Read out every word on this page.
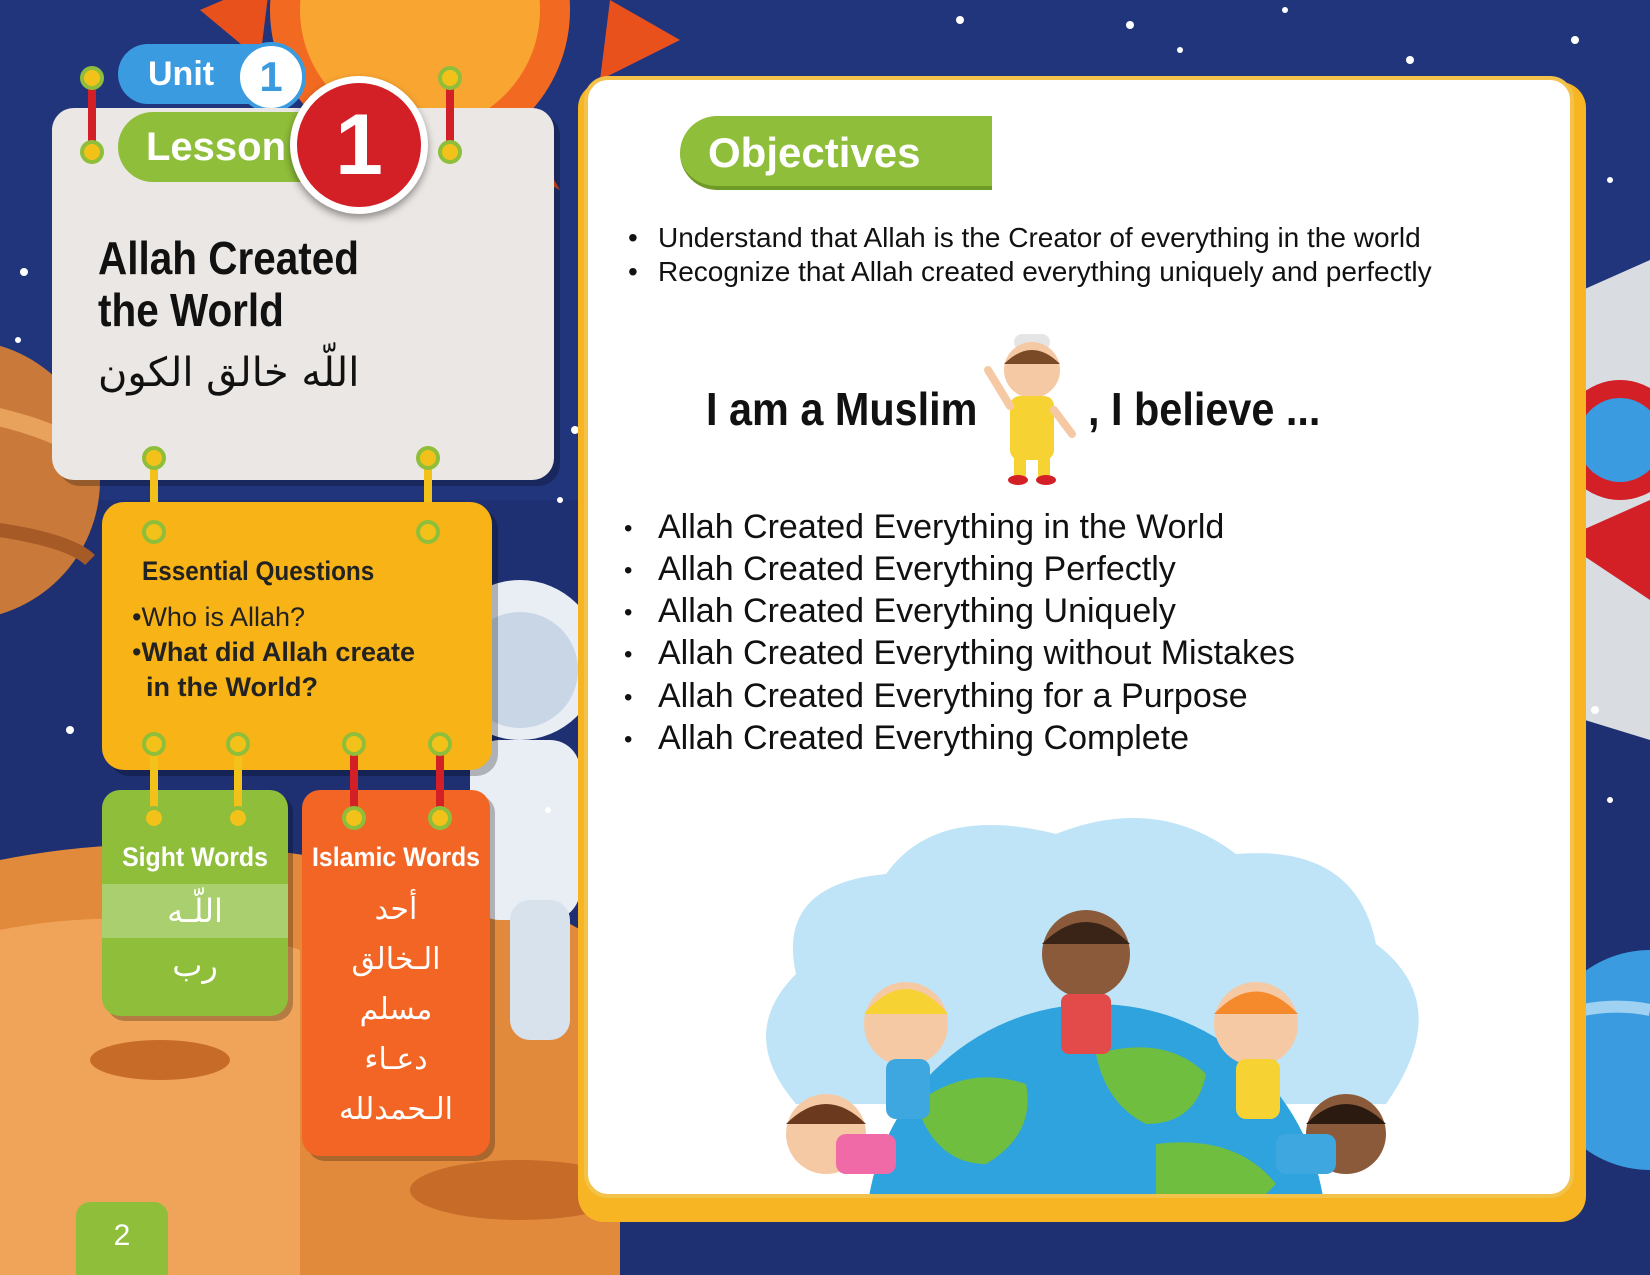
Unit	1
Lesson 1
Allah Created
the World
اللّه خالق الكون
Essential Questions
•Who is Allah?
•What did Allah create
in the World?
Sight Words
اللّـه
رب
Islamic Words
أحد
الـخالق
مسلم
دعـاء
الـحمدلله
2
Objectives
• Understand that Allah is the Creator of everything in the world
• Recognize that Allah created everything uniquely and perfectly
I am a Muslim , I believe ...
• Allah Created Everything in the World
• Allah Created Everything Perfectly
• Allah Created Everything Uniquely
• Allah Created Everything without Mistakes
• Allah Created Everything for a Purpose
• Allah Created Everything Complete
